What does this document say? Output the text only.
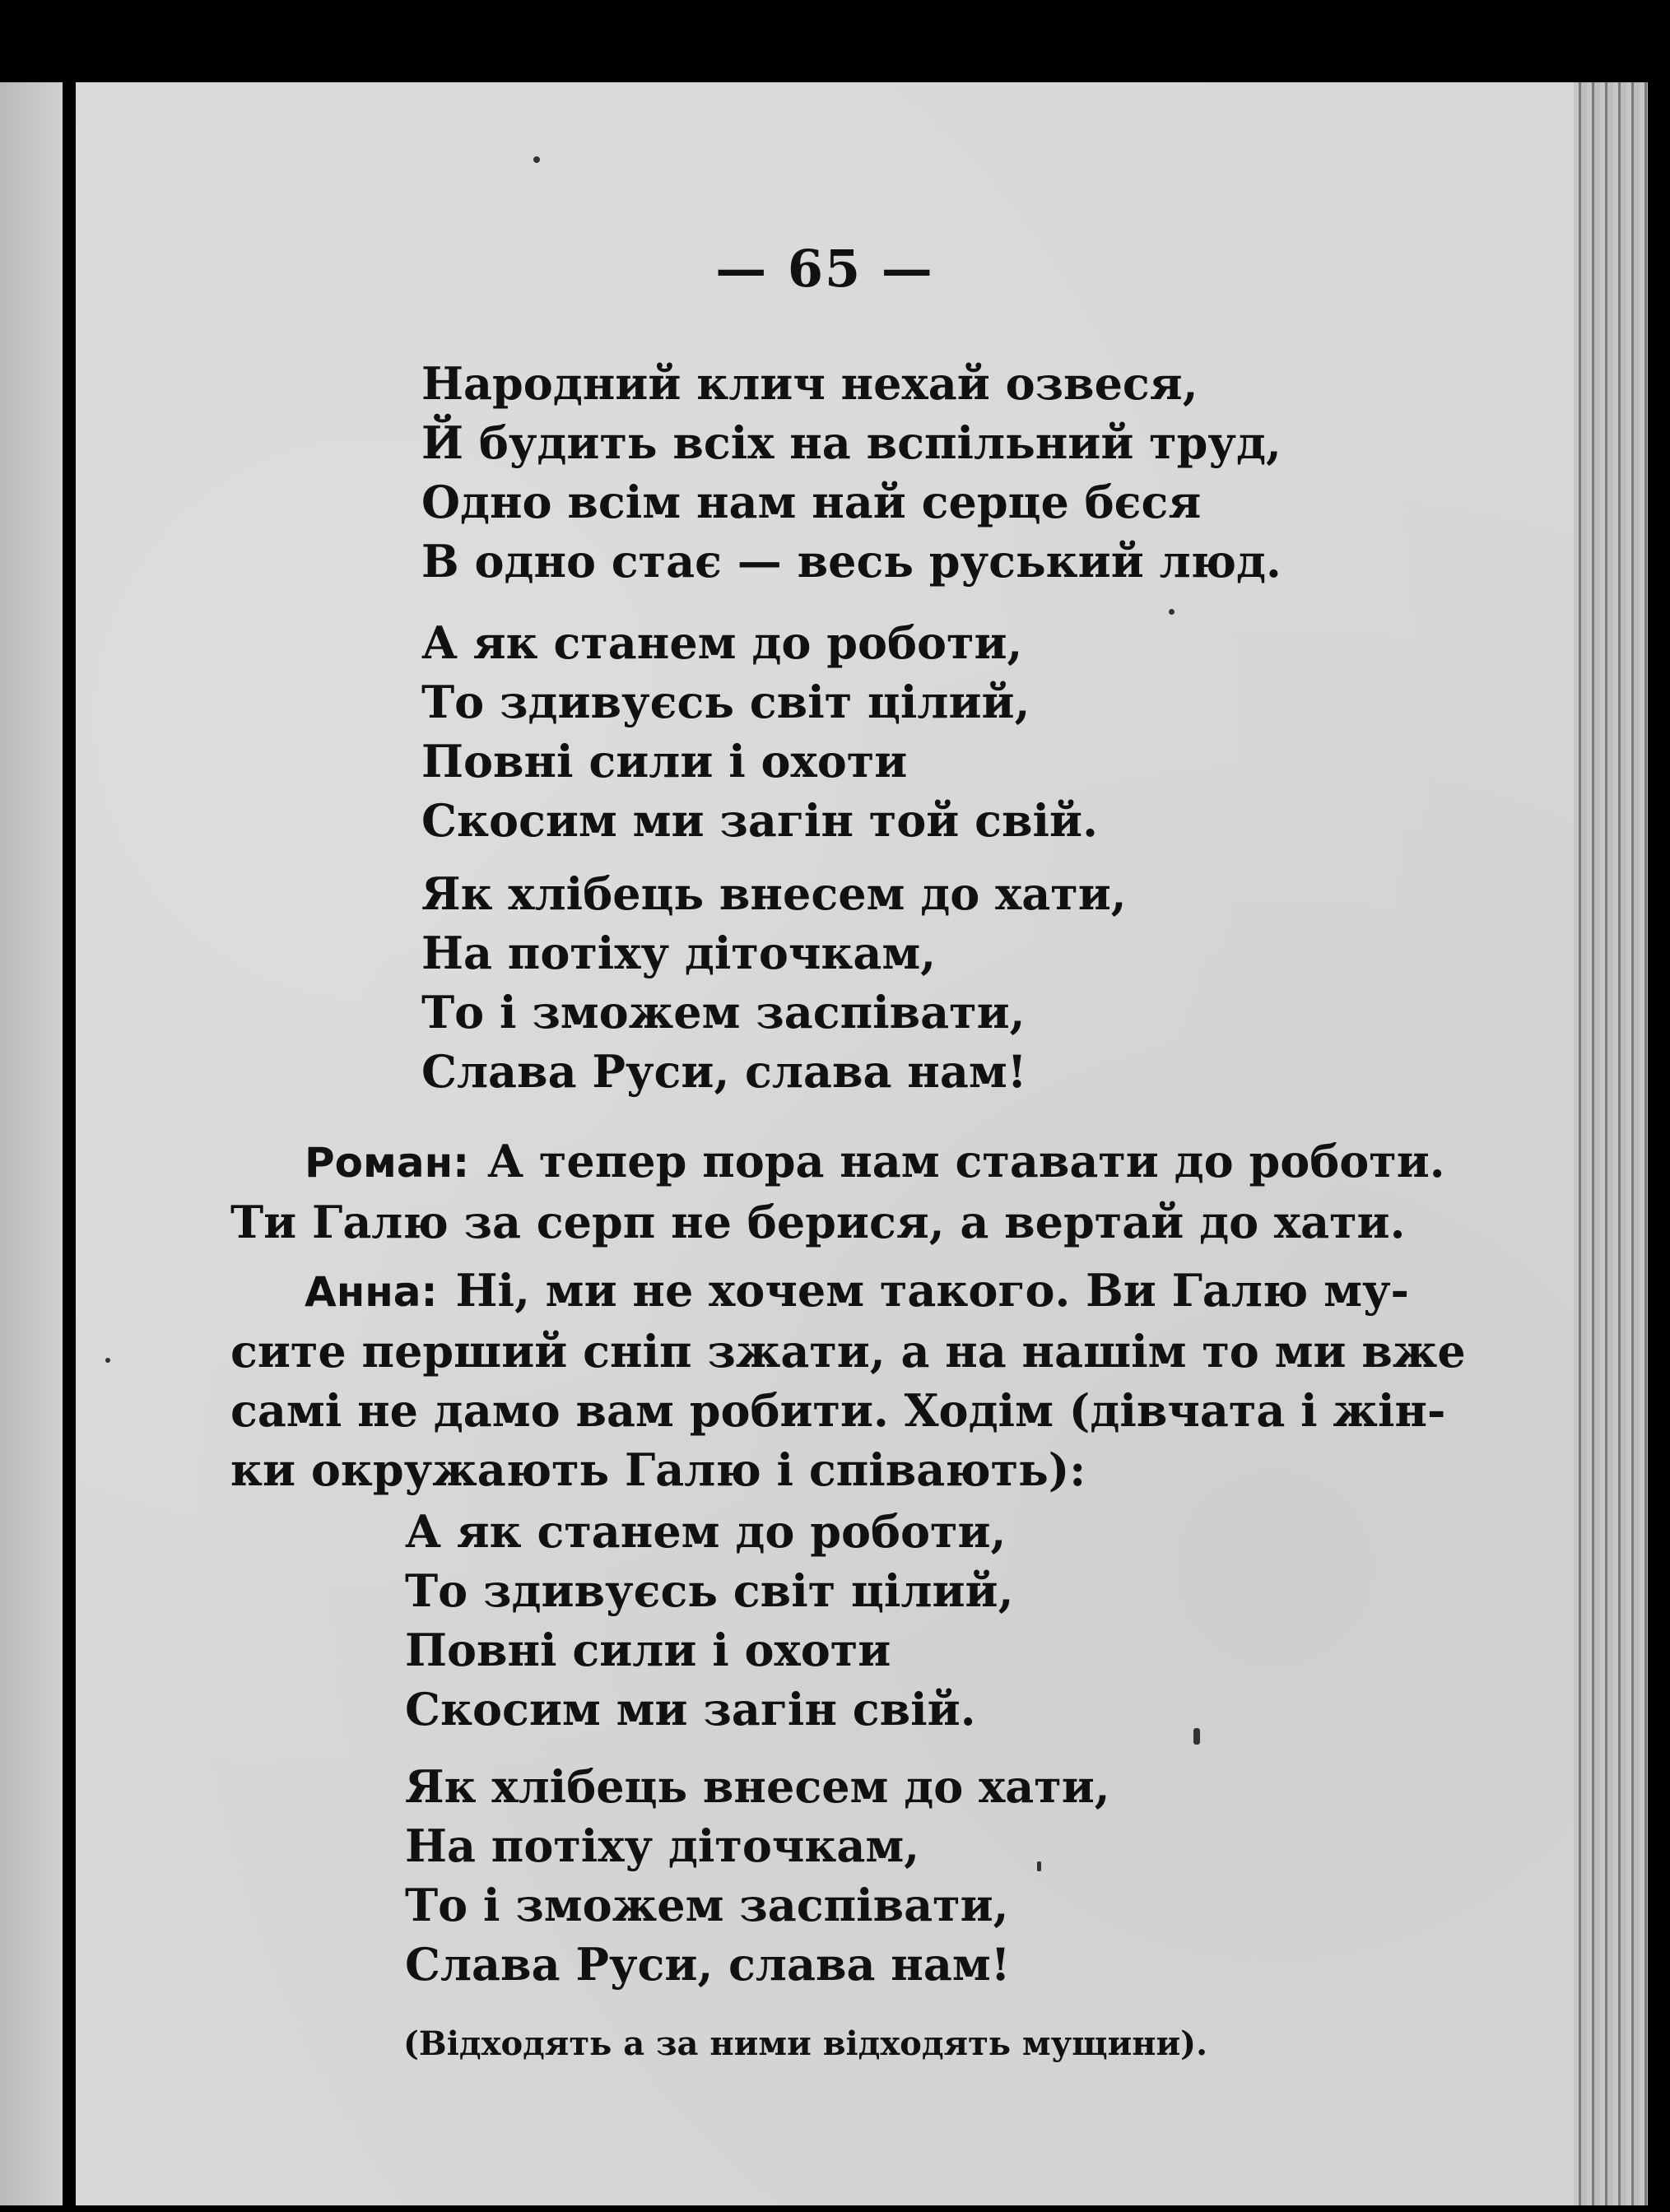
— 65 —
Народний клич нехай озвеся,
Й будить всіх на вспільний труд,
Одно всім нам най серце бєся
В одно стає — весь руський люд.
А як станем до роботи,
То здивуєсь світ цілий,
Повні сили і охоти
Скосим ми загін той свій.
Як хлібець внесем до хати,
На потіху діточкам,
То і зможем заспівати,
Слава Руси, слава нам!
Роман: А тепер пора нам ставати до роботи.
Ти Галю за серп не берися, а вертай до хати.
Анна: Ні, ми не хочем такого. Ви Галю му-
сите перший сніп зжати, а на нашім то ми вже
самі не дамо вам робити. Ходім (дівчата і жін-
ки окружають Галю і співають):
А як станем до роботи,
То здивуєсь світ цілий,
Повні сили і охоти
Скосим ми загін свій.
Як хлібець внесем до хати,
На потіху діточкам,
То і зможем заспівати,
Слава Руси, слава нам!
(Відходять а за ними відходять мущини).
